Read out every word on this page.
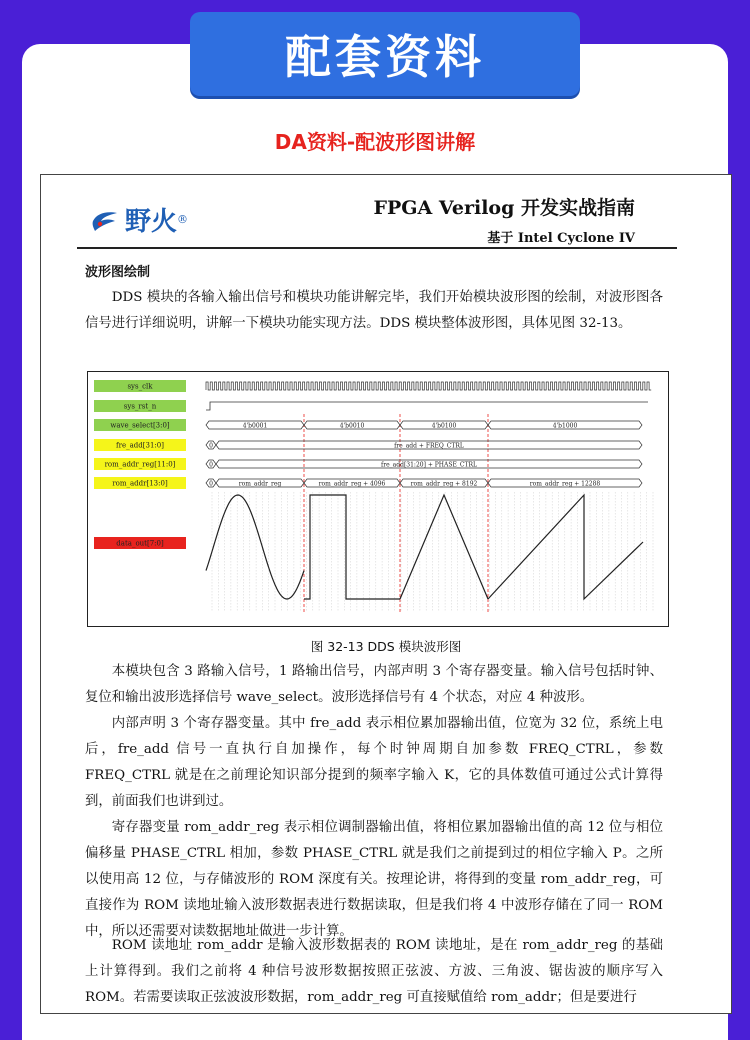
配套资料
DA资料-配波形图讲解
野火 ®
FPGA Verilog 开发实战指南
基于 Intel Cyclone IV
波形图绘制
DDS 模块的各输入输出信号和模块功能讲解完毕，我们开始模块波形图的绘制，对波形图各信号进行详细说明，讲解一下模块功能实现方法。DDS 模块整体波形图，具体见图 32-13。
sys_clk
sys_rst_n
wave_select[3:0]
fre_add[31:0]
rom_addr_reg[11:0]
rom_addr[13:0]
data_out[7:0]
4'b0001	4'b0010	4'b0100	4'b1000
0	fre_add + FREQ_CTRL
0	fre_add[31:20] + PHASE_CTRL
0	rom_addr_reg	rom_addr_reg + 4096	rom_addr_reg + 8192	rom_addr_reg + 12288
图 32-13 DDS 模块波形图
本模块包含 3 路输入信号，1 路输出信号，内部声明 3 个寄存器变量。输入信号包括时钟、复位和输出波形选择信号 wave_select。波形选择信号有 4 个状态，对应 4 种波形。
内部声明 3 个寄存器变量。其中 fre_add 表示相位累加器输出值，位宽为 32 位，系统上电后，fre_add 信号一直执行自加操作，每个时钟周期自加参数 FREQ_CTRL，参数 FREQ_CTRL 就是在之前理论知识部分提到的频率字输入 K，它的具体数值可通过公式计算得到，前面我们也讲到过。
寄存器变量 rom_addr_reg 表示相位调制器输出值，将相位累加器输出值的高 12 位与相位偏移量 PHASE_CTRL 相加，参数 PHASE_CTRL 就是我们之前提到过的相位字输入 P。之所以使用高 12 位，与存储波形的 ROM 深度有关。按理论讲，将得到的变量 rom_addr_reg，可直接作为 ROM 读地址输入波形数据表进行数据读取，但是我们将 4 中波形存储在了同一 ROM 中，所以还需要对读数据地址做进一步计算。
ROM 读地址 rom_addr 是输入波形数据表的 ROM 读地址，是在 rom_addr_reg 的基础上计算得到。我们之前将 4 种信号波形数据按照正弦波、方波、三角波、锯齿波的顺序写入 ROM。若需要读取正弦波波形数据，rom_addr_reg 可直接赋值给 rom_addr；但是要进行
